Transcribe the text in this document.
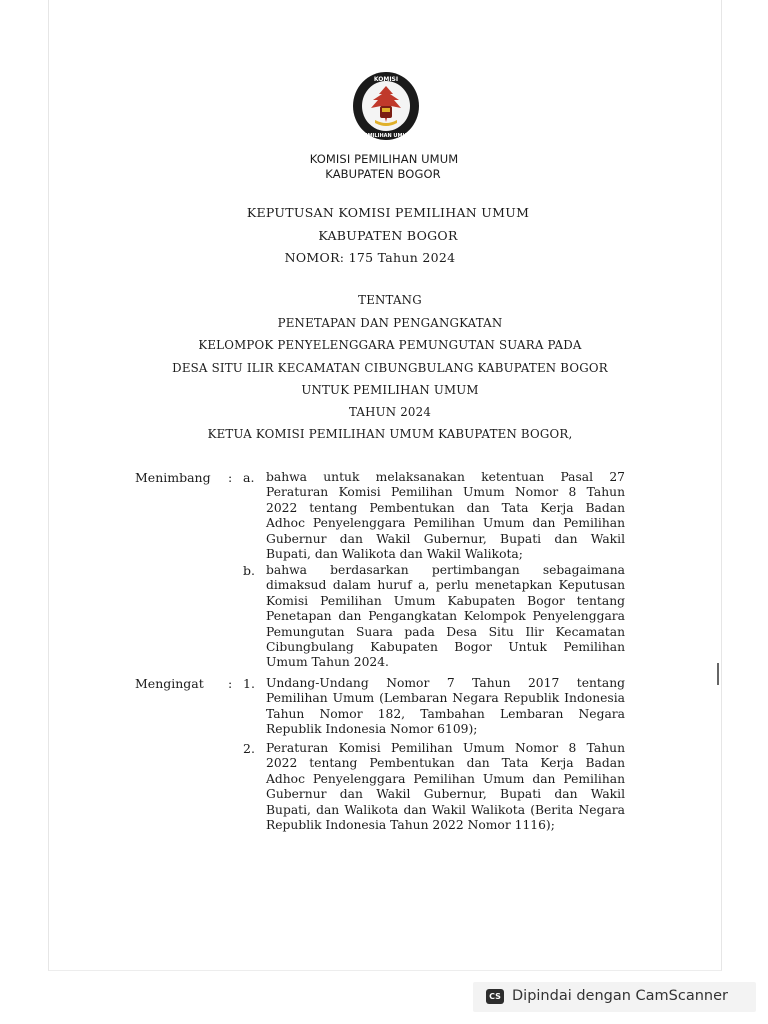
KOMISI
PEMILIHAN UMUM
KOMISI PEMILIHAN UMUM
KABUPATEN BOGOR
KEPUTUSAN KOMISI PEMILIHAN UMUM
KABUPATEN BOGOR
NOMOR: 175 Tahun 2024
TENTANG
PENETAPAN DAN PENGANGKATAN
KELOMPOK PENYELENGGARA PEMUNGUTAN SUARA PADA
DESA SITU ILIR KECAMATAN CIBUNGBULANG KABUPATEN BOGOR
UNTUK PEMILIHAN UMUM
TAHUN 2024
KETUA KOMISI PEMILIHAN UMUM KABUPATEN BOGOR,
Menimbang : a. bahwa untuk melaksanakan ketentuan Pasal 27
Peraturan Komisi Pemilihan Umum Nomor 8 Tahun
2022 tentang Pembentukan dan Tata Kerja Badan
Adhoc Penyelenggara Pemilihan Umum dan Pemilihan
Gubernur dan Wakil Gubernur, Bupati dan Wakil
Bupati, dan Walikota dan Wakil Walikota;
b. bahwa berdasarkan pertimbangan sebagaimana
dimaksud dalam huruf a, perlu menetapkan Keputusan
Komisi Pemilihan Umum Kabupaten Bogor tentang
Penetapan dan Pengangkatan Kelompok Penyelenggara
Pemungutan Suara pada Desa Situ Ilir Kecamatan
Cibungbulang Kabupaten Bogor Untuk Pemilihan
Umum Tahun 2024.
Mengingat : 1. Undang-Undang Nomor 7 Tahun 2017 tentang
Pemilihan Umum (Lembaran Negara Republik Indonesia
Tahun Nomor 182, Tambahan Lembaran Negara
Republik Indonesia Nomor 6109);
2. Peraturan Komisi Pemilihan Umum Nomor 8 Tahun
2022 tentang Pembentukan dan Tata Kerja Badan
Adhoc Penyelenggara Pemilihan Umum dan Pemilihan
Gubernur dan Wakil Gubernur, Bupati dan Wakil
Bupati, dan Walikota dan Wakil Walikota (Berita Negara
Republik Indonesia Tahun 2022 Nomor 1116);
CS Dipindai dengan CamScanner
